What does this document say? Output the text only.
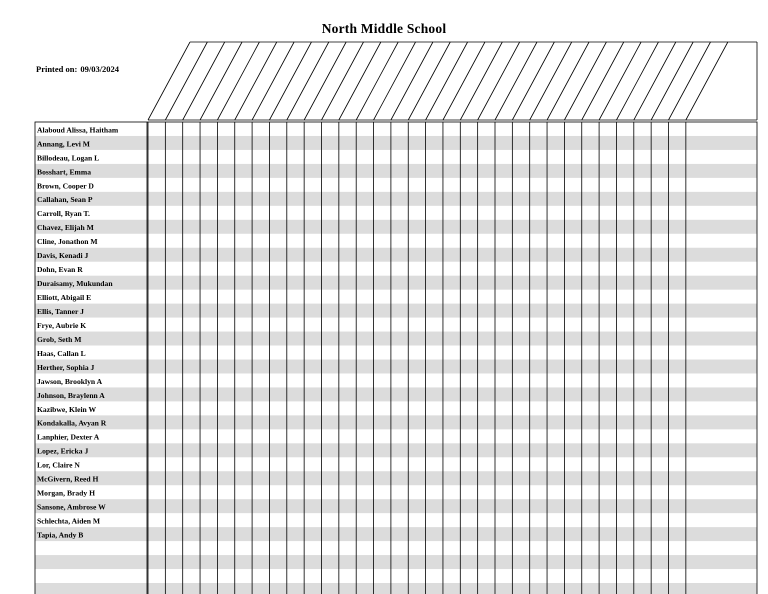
North Middle School
Printed on: 09/03/2024
Alaboud Alissa, Haitham
Annang, Levi M
Billodeau, Logan L
Bosshart, Emma
Brown, Cooper D
Callahan, Sean P
Carroll, Ryan T.
Chavez, Elijah M
Cline, Jonathon M
Davis, Kenadi J
Dohn, Evan R
Duraisamy, Mukundan
Elliott, Abigail E
Ellis, Tanner J
Frye, Aubrie K
Grob, Seth M
Haas, Callan L
Herther, Sophia J
Jawson, Brooklyn A
Johnson, Braylenn A
Kazibwe, Klein W
Kondakalla, Avyan R
Lanphier, Dexter A
Lopez, Ericka J
Lor, Claire N
McGivern, Reed H
Morgan, Brady H
Sansone, Ambrose W
Schlechta, Aiden M
Tapia, Andy B
